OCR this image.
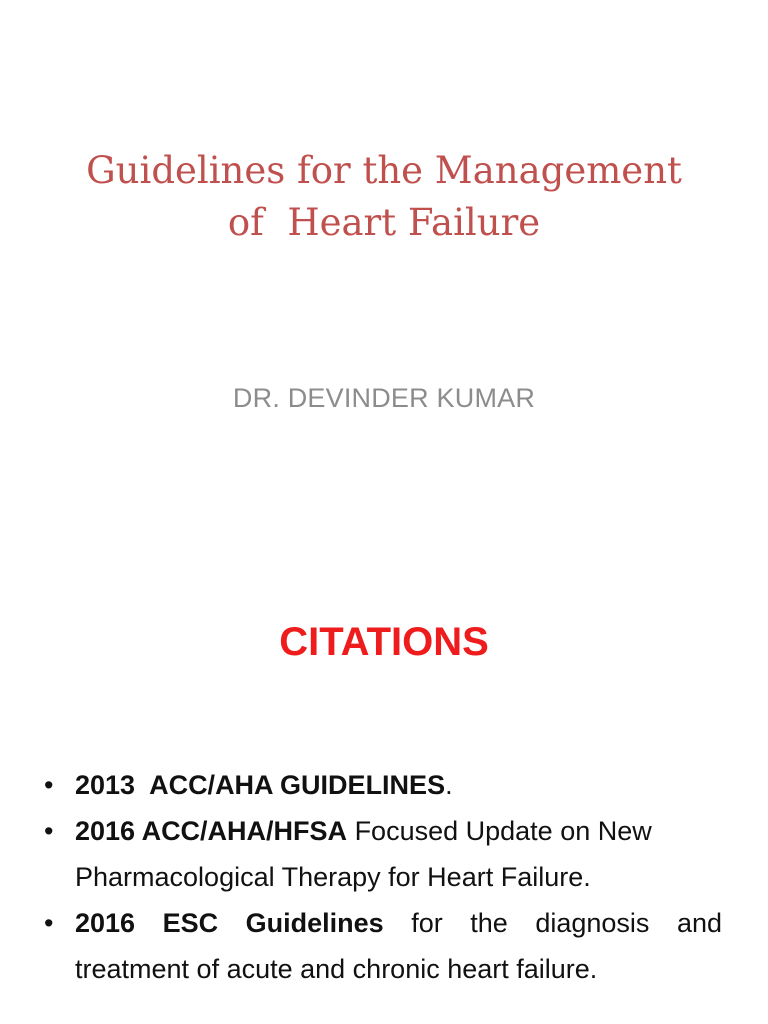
Guidelines for the Management
of  Heart Failure
DR. DEVINDER KUMAR
CITATIONS
• 2013  ACC/AHA GUIDELINES.
• 2016 ACC/AHA/HFSA Focused Update on New Pharmacological Therapy for Heart Failure.
• 2016 ESC Guidelines for the diagnosis and treatment of acute and chronic heart failure.
